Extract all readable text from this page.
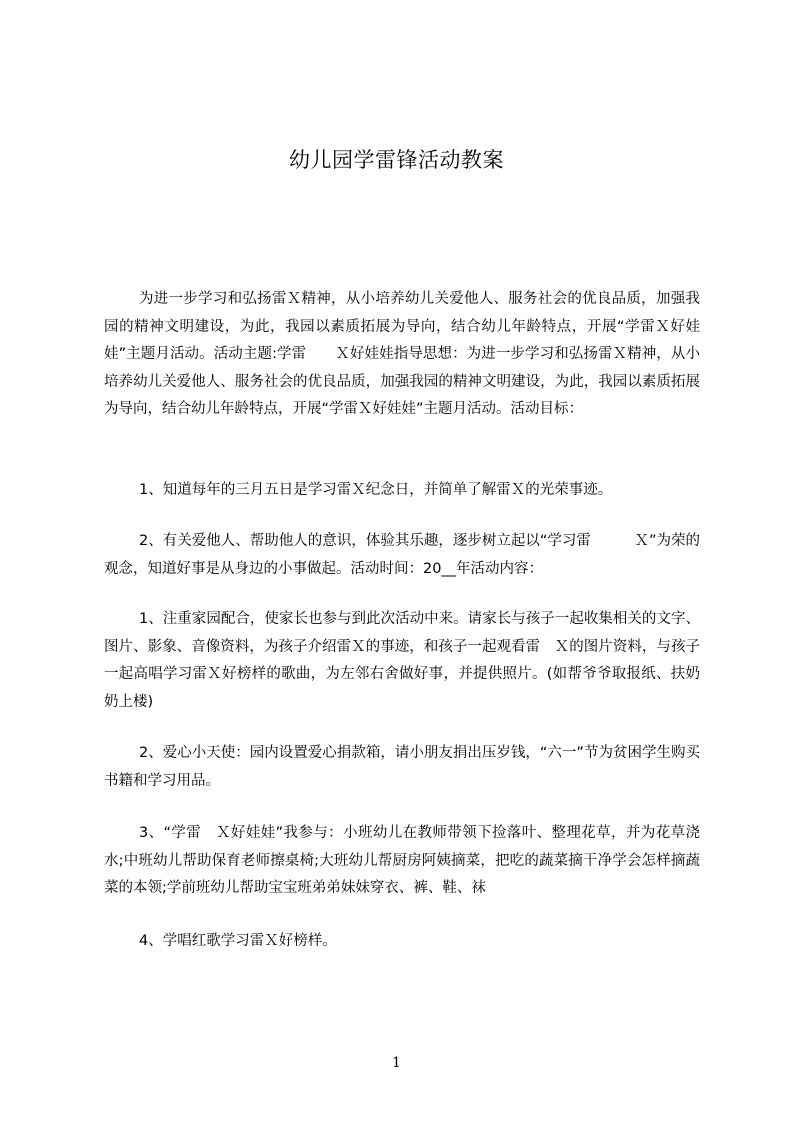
幼儿园学雷锋活动教案

为进一步学习和弘扬雷Ｘ精神，从小培养幼儿关爱他人、服务社会的优良品质，加强我园的精神文明建设，为此，我园以素质拓展为导向，结合幼儿年龄特点，开展“学雷Ｘ好娃娃”主题月活动。活动主题:学雷　　Ｘ好娃娃指导思想：为进一步学习和弘扬雷Ｘ精神，从小培养幼儿关爱他人、服务社会的优良品质，加强我园的精神文明建设，为此，我园以素质拓展为导向，结合幼儿年龄特点，开展“学雷Ｘ好娃娃”主题月活动。活动目标：

1、知道每年的三月五日是学习雷Ｘ纪念日，并简单了解雷Ｘ的光荣事迹。

2、有关爱他人、帮助他人的意识，体验其乐趣，逐步树立起以“学习雷　　　Ｘ”为荣的观念，知道好事是从身边的小事做起。活动时间：20__年活动内容：

1、注重家园配合，使家长也参与到此次活动中来。请家长与孩子一起收集相关的文字、图片、影象、音像资料，为孩子介绍雷Ｘ的事迹，和孩子一起观看雷　Ｘ的图片资料，与孩子一起高唱学习雷Ｘ好榜样的歌曲，为左邻右舍做好事，并提供照片。(如帮爷爷取报纸、扶奶奶上楼)

2、爱心小天使：园内设置爱心捐款箱，请小朋友捐出压岁钱，“六一”节为贫困学生购买书籍和学习用品。

3、“学雷　Ｘ好娃娃”我参与：小班幼儿在教师带领下捡落叶、整理花草，并为花草浇水;中班幼儿帮助保育老师擦桌椅;大班幼儿帮厨房阿姨摘菜，把吃的蔬菜摘干净学会怎样摘蔬菜的本领;学前班幼儿帮助宝宝班弟弟妹妹穿衣、裤、鞋、袜

4、学唱红歌学习雷Ｘ好榜样。

1
